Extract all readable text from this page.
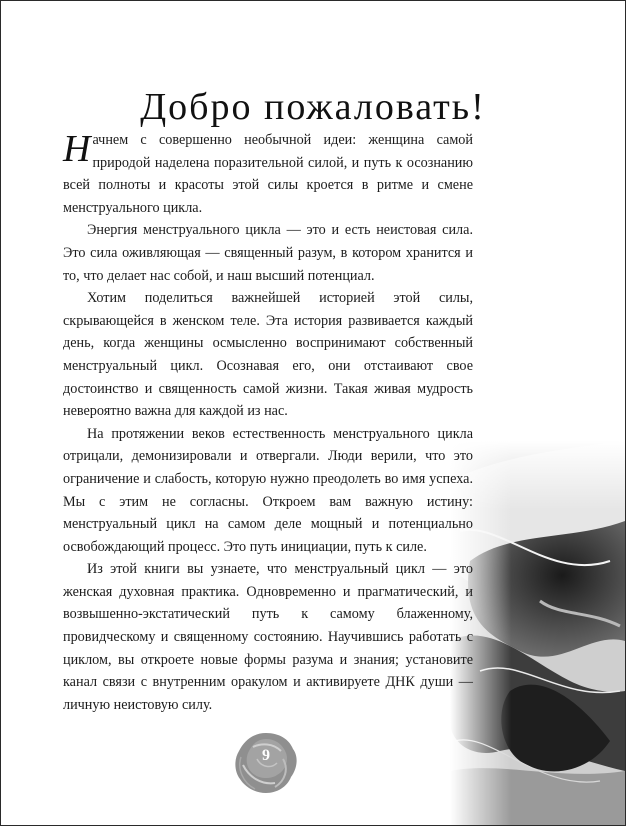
Добро пожаловать!

Начнем с совершенно необычной идеи: женщина самой природой наделена поразительной силой, и путь к осознанию всей полноты и красоты этой силы кроется в ритме и смене менструального цикла.

Энергия менструального цикла — это и есть неистовая сила. Это сила оживляющая — священный разум, в котором хранится и то, что делает нас собой, и наш высший потенциал.

Хотим поделиться важнейшей историей этой силы, скрывающейся в женском теле. Эта история развивается каждый день, когда женщины осмысленно воспринимают собственный менструальный цикл. Осознавая его, они отстаивают свое достоинство и священность самой жизни. Такая живая мудрость невероятно важна для каждой из нас.

На протяжении веков естественность менструального цикла отрицали, демонизировали и отвергали. Люди верили, что это ограничение и слабость, которую нужно преодолеть во имя успеха. Мы с этим не согласны. Откроем вам важную истину: менструальный цикл на самом деле мощный и потенциально освобождающий процесс. Это путь инициации, путь к силе.

Из этой книги вы узнаете, что менструальный цикл — это женская духовная практика. Одновременно и прагматический, и возвышенно-экстатический путь к самому блаженному, провидческому и священному состоянию. Научившись работать с циклом, вы откроете новые формы разума и знания; установите канал связи с внутренним оракулом и активируете ДНК души — личную неистовую силу.

9
